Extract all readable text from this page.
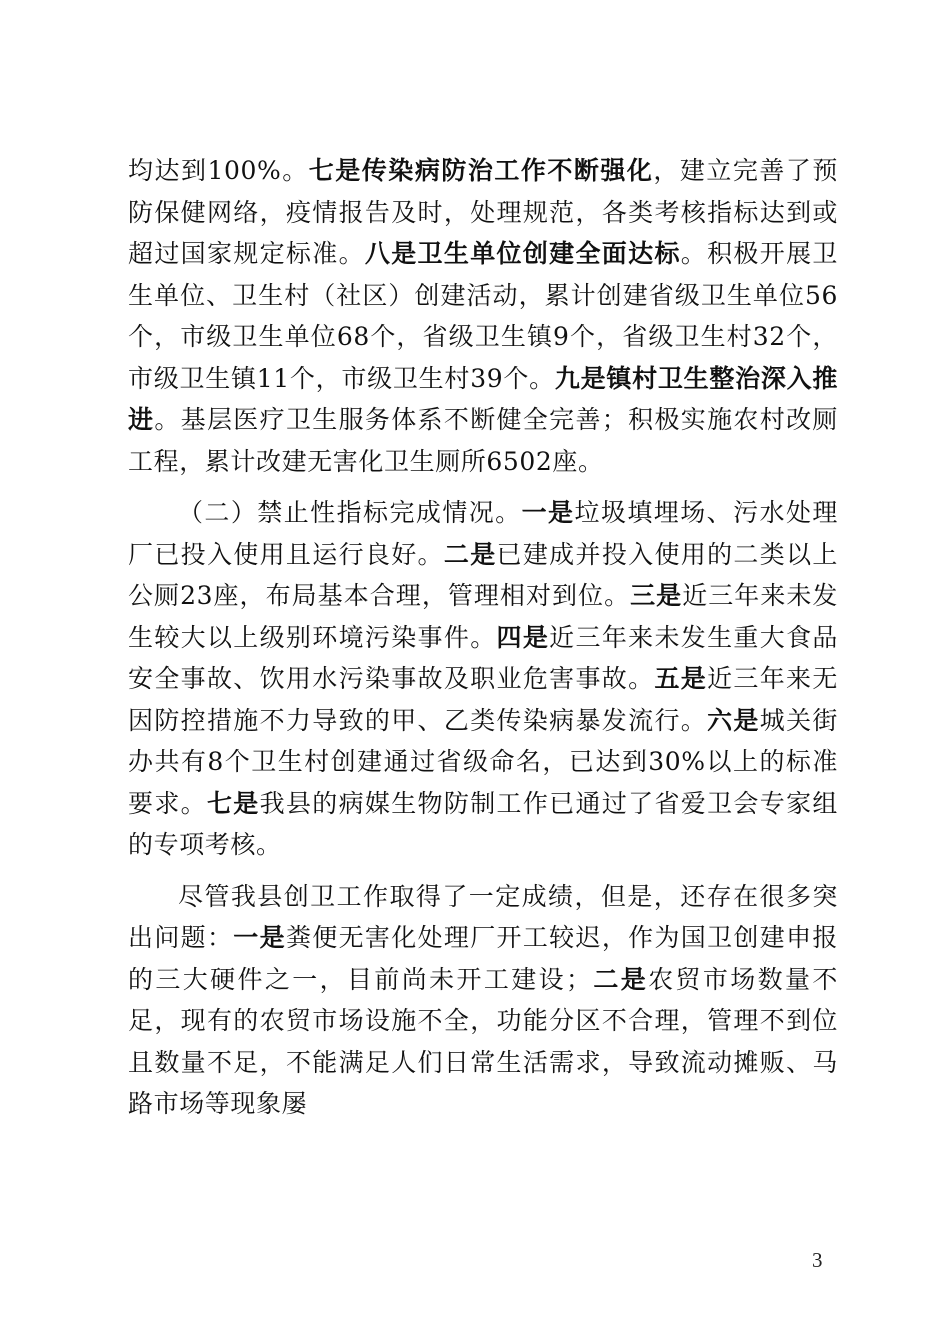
均达到100%。七是传染病防治工作不断强化，建立完善了预防保健网络，疫情报告及时，处理规范，各类考核指标达到或超过国家规定标准。八是卫生单位创建全面达标。积极开展卫生单位、卫生村（社区）创建活动，累计创建省级卫生单位56个，市级卫生单位68个，省级卫生镇9个，省级卫生村32个，市级卫生镇11个，市级卫生村39个。九是镇村卫生整治深入推进。基层医疗卫生服务体系不断健全完善；积极实施农村改厕工程，累计改建无害化卫生厕所6502座。

（二）禁止性指标完成情况。一是垃圾填埋场、污水处理厂已投入使用且运行良好。二是已建成并投入使用的二类以上公厕23座，布局基本合理，管理相对到位。三是近三年来未发生较大以上级别环境污染事件。四是近三年来未发生重大食品安全事故、饮用水污染事故及职业危害事故。五是近三年来无因防控措施不力导致的甲、乙类传染病暴发流行。六是城关街办共有8个卫生村创建通过省级命名，已达到30%以上的标准要求。七是我县的病媒生物防制工作已通过了省爱卫会专家组的专项考核。

尽管我县创卫工作取得了一定成绩，但是，还存在很多突出问题：一是粪便无害化处理厂开工较迟，作为国卫创建申报的三大硬件之一，目前尚未开工建设；二是农贸市场数量不足，现有的农贸市场设施不全，功能分区不合理，管理不到位且数量不足，不能满足人们日常生活需求，导致流动摊贩、马路市场等现象屡

3
